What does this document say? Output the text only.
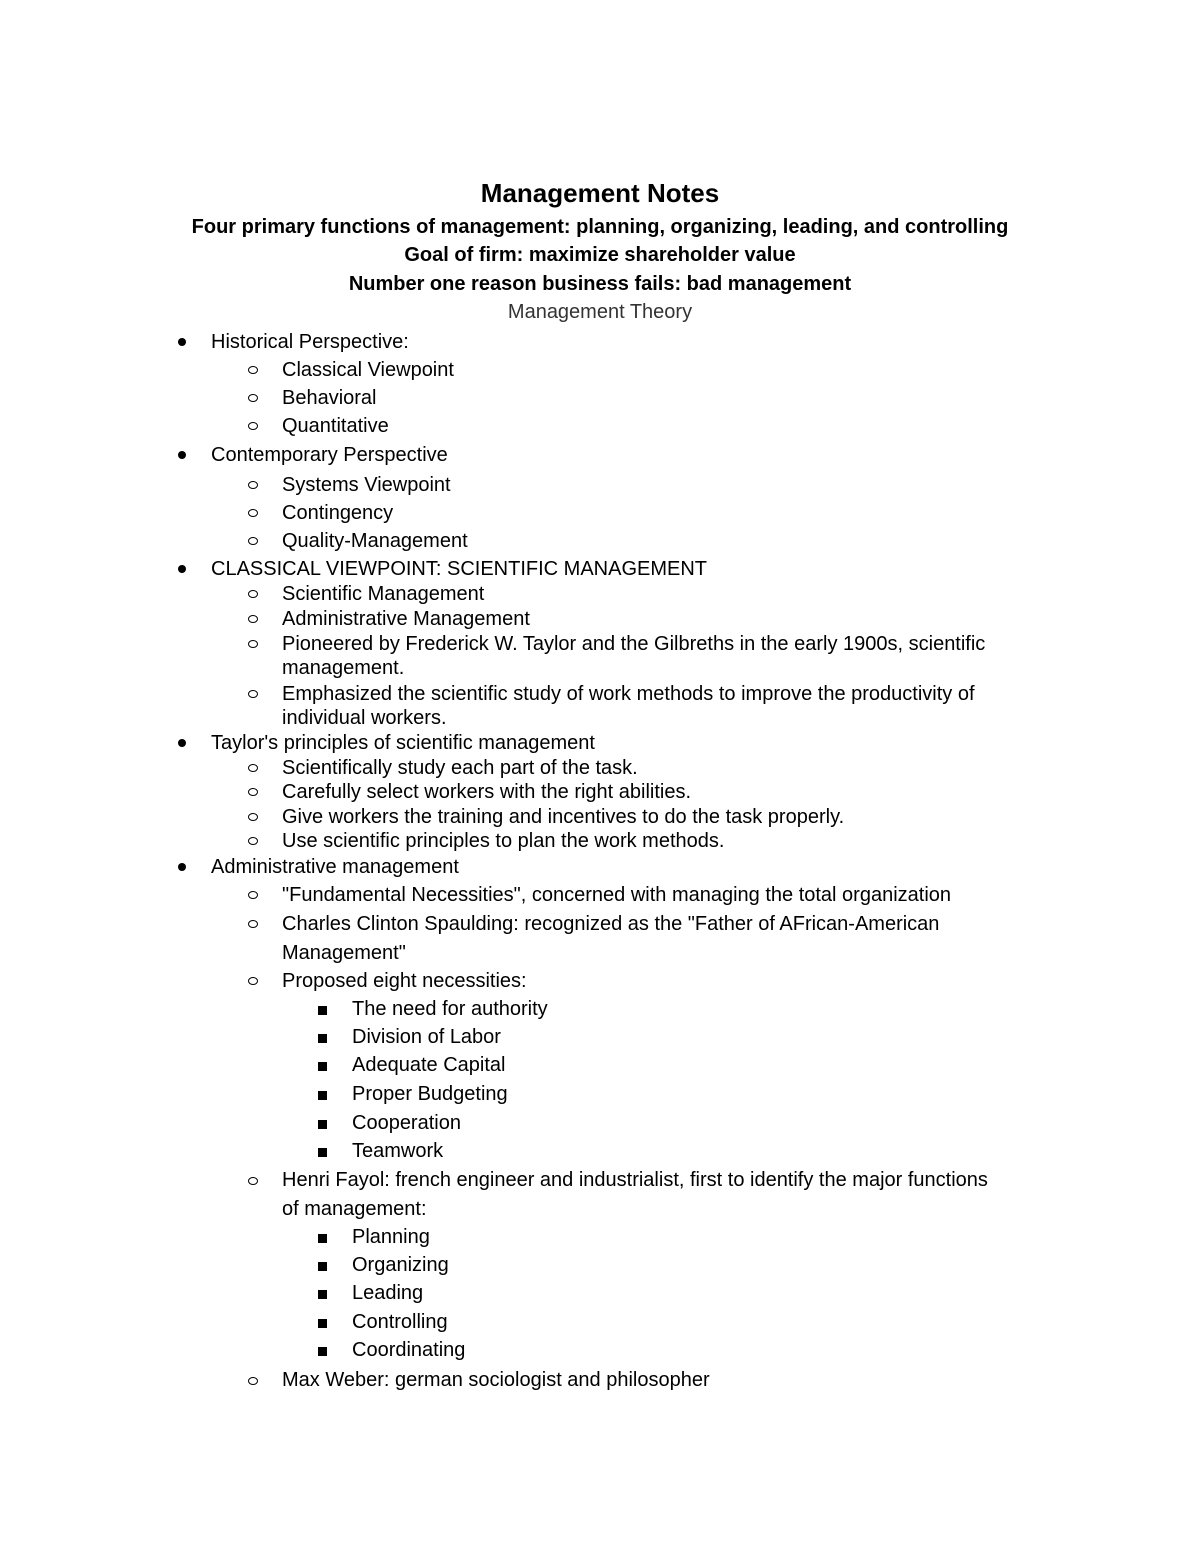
Management Notes
Four primary functions of management: planning, organizing, leading, and controlling
Goal of firm: maximize shareholder value
Number one reason business fails: bad management
Management Theory
Historical Perspective:
Classical Viewpoint
Behavioral
Quantitative
Contemporary Perspective
Systems Viewpoint
Contingency
Quality-Management
CLASSICAL VIEWPOINT: SCIENTIFIC MANAGEMENT
Scientific Management
Administrative Management
Pioneered by Frederick W. Taylor and the Gilbreths in the early 1900s, scientific
management.
Emphasized the scientific study of work methods to improve the productivity of
individual workers.
Taylor's principles of scientific management
Scientifically study each part of the task.
Carefully select workers with the right abilities.
Give workers the training and incentives to do the task properly.
Use scientific principles to plan the work methods.
Administrative management
"Fundamental Necessities", concerned with managing the total organization
Charles Clinton Spaulding: recognized as the "Father of AFrican-American
Management"
Proposed eight necessities:
The need for authority
Division of Labor
Adequate Capital
Proper Budgeting
Cooperation
Teamwork
Henri Fayol: french engineer and industrialist, first to identify the major functions
of management:
Planning
Organizing
Leading
Controlling
Coordinating
Max Weber: german sociologist and philosopher
